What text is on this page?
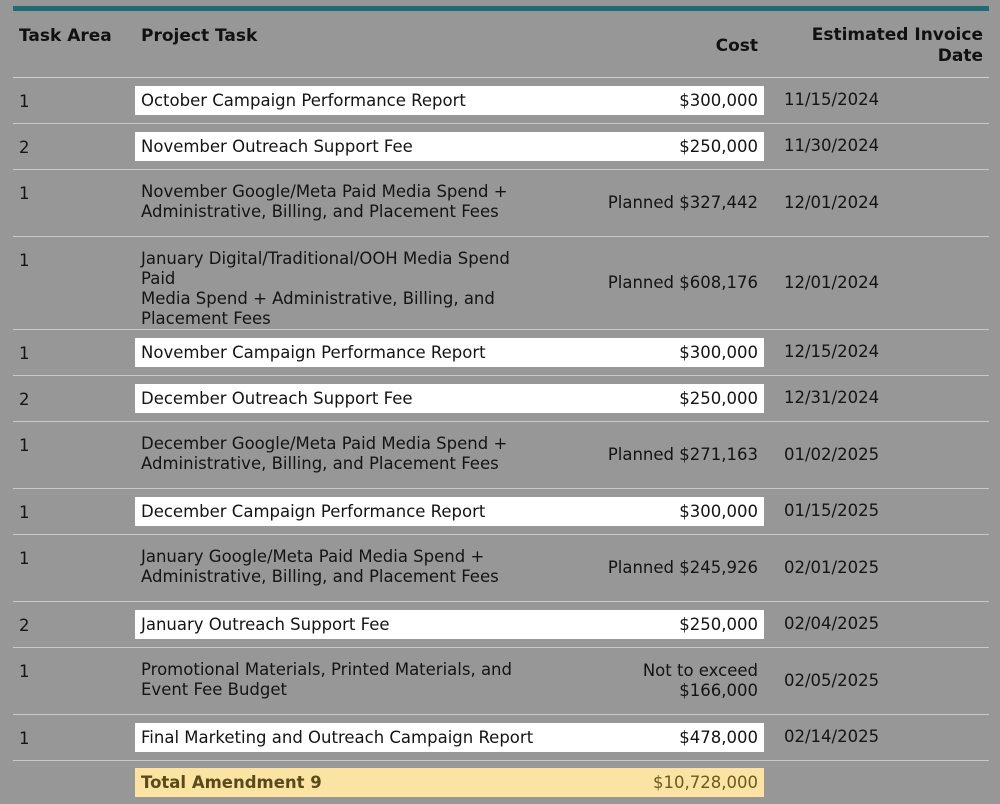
Task Area	Project Task	Cost	Estimated Invoice
Date
1	October Campaign Performance Report	$300,000	11/15/2024
2	November Outreach Support Fee	$250,000	11/30/2024
1	November Google/Meta Paid Media Spend +
Administrative, Billing, and Placement Fees	Planned $327,442	12/01/2024
1	January Digital/Traditional/OOH Media Spend Paid
Media Spend + Administrative, Billing, and
Placement Fees	Planned $608,176	12/01/2024
1	November Campaign Performance Report	$300,000	12/15/2024
2	December Outreach Support Fee	$250,000	12/31/2024
1	December Google/Meta Paid Media Spend +
Administrative, Billing, and Placement Fees	Planned $271,163	01/02/2025
1	December Campaign Performance Report	$300,000	01/15/2025
1	January Google/Meta Paid Media Spend +
Administrative, Billing, and Placement Fees	Planned $245,926	02/01/2025
2	January Outreach Support Fee	$250,000	02/04/2025
1	Promotional Materials, Printed Materials, and
Event Fee Budget	Not to exceed
$166,000	02/05/2025
1	Final Marketing and Outreach Campaign Report	$478,000	02/14/2025

	Total Amendment 9	$10,728,000	
